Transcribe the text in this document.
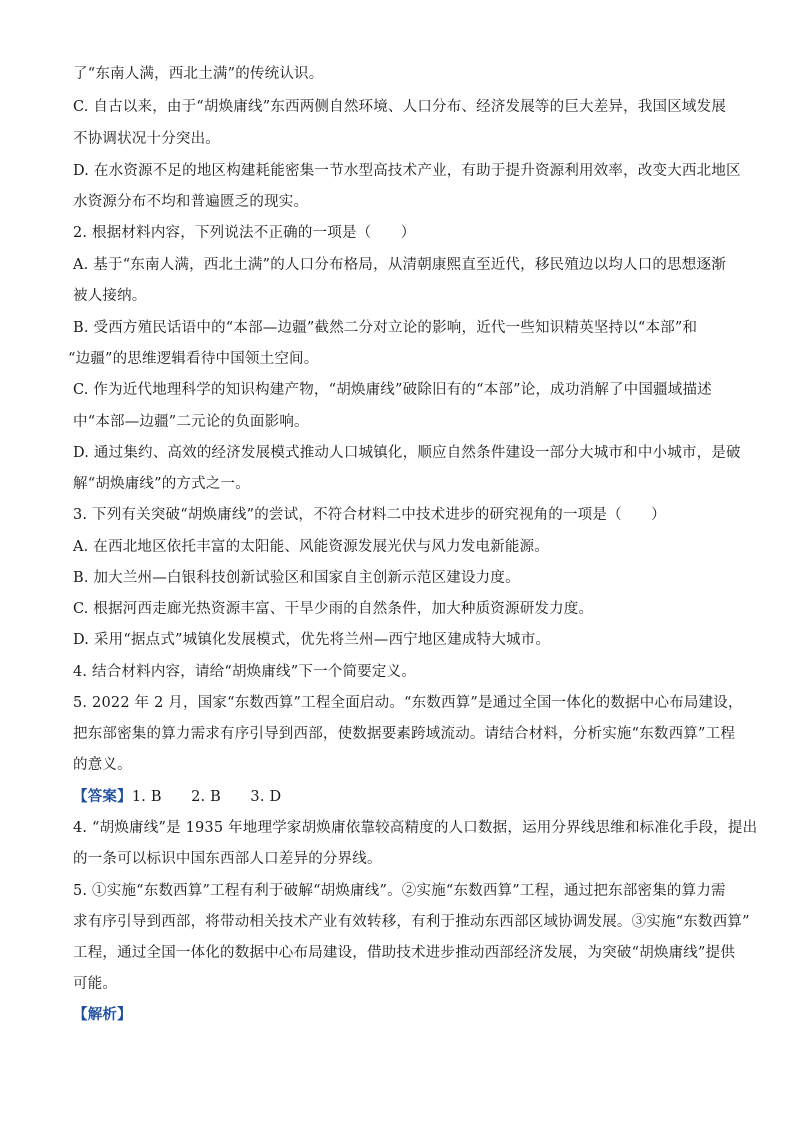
了“东南人满，西北土满”的传统认识。
C. 自古以来，由于“胡焕庸线”东西两侧自然环境、人口分布、经济发展等的巨大差异，我国区域发展
不协调状况十分突出。
D. 在水资源不足的地区构建耗能密集一节水型高技术产业，有助于提升资源利用效率，改变大西北地区
水资源分布不均和普遍匮乏的现实。
2. 根据材料内容，下列说法不正确的一项是（　　）
A. 基于“东南人满，西北土满”的人口分布格局，从清朝康熙直至近代，移民殖边以均人口的思想逐渐
被人接纳。
B. 受西方殖民话语中的“本部—边疆”截然二分对立论的影响，近代一些知识精英坚持以“本部”和
“边疆”的思维逻辑看待中国领土空间。
C. 作为近代地理科学的知识构建产物，“胡焕庸线”破除旧有的“本部”论，成功消解了中国疆域描述
中“本部—边疆”二元论的负面影响。
D. 通过集约、高效的经济发展模式推动人口城镇化，顺应自然条件建设一部分大城市和中小城市，是破
解“胡焕庸线”的方式之一。
3. 下列有关突破“胡焕庸线”的尝试，不符合材料二中技术进步的研究视角的一项是（　　）
A. 在西北地区依托丰富的太阳能、风能资源发展光伏与风力发电新能源。
B. 加大兰州—白银科技创新试验区和国家自主创新示范区建设力度。
C. 根据河西走廊光热资源丰富、干旱少雨的自然条件，加大种质资源研发力度。
D. 采用“据点式”城镇化发展模式，优先将兰州—西宁地区建成特大城市。
4. 结合材料内容，请给“胡焕庸线”下一个简要定义。
5. 2022 年 2 月，国家“东数西算”工程全面启动。“东数西算”是通过全国一体化的数据中心布局建设，
把东部密集的算力需求有序引导到西部，使数据要素跨域流动。请结合材料，分析实施“东数西算”工程
的意义。
【答案】1. B　　2. B　　3. D
4. “胡焕庸线”是 1935 年地理学家胡焕庸依靠较高精度的人口数据，运用分界线思维和标准化手段，提出
的一条可以标识中国东西部人口差异的分界线。
5. ①实施“东数西算”工程有利于破解“胡焕庸线”。②实施“东数西算”工程，通过把东部密集的算力需
求有序引导到西部，将带动相关技术产业有效转移，有利于推动东西部区域协调发展。③实施“东数西算”
工程，通过全国一体化的数据中心布局建设，借助技术进步推动西部经济发展，为突破“胡焕庸线”提供
可能。
【解析】
